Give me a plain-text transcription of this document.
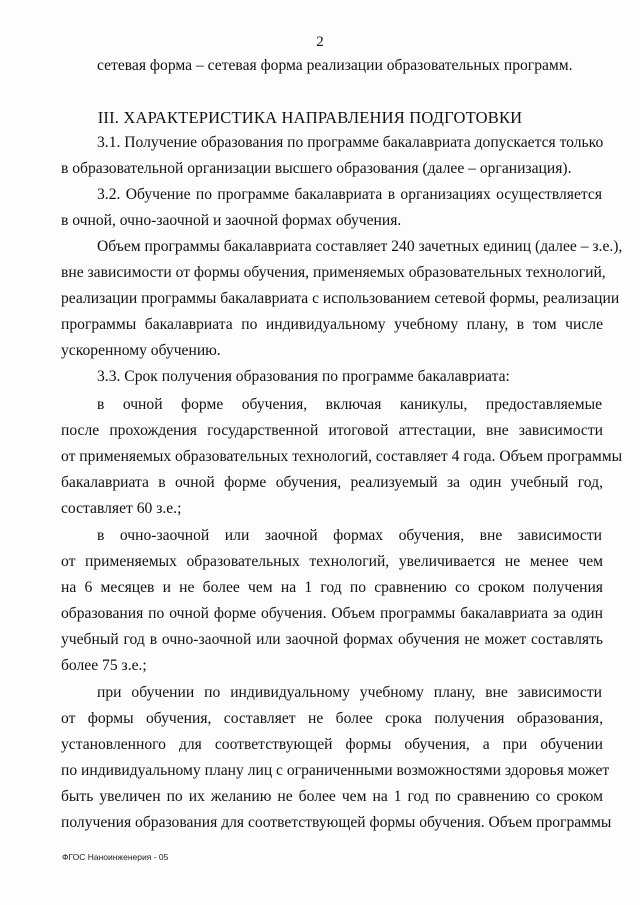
2

сетевая форма – сетевая форма реализации образовательных программ.

III. ХАРАКТЕРИСТИКА НАПРАВЛЕНИЯ ПОДГОТОВКИ

3.1. Получение образования по программе бакалавриата допускается только

в образовательной организации высшего образования (далее – организация).

3.2. Обучение по программе бакалавриата в организациях осуществляется

в очной, очно-заочной и заочной формах обучения.

Объем программы бакалавриата составляет 240 зачетных единиц (далее – з.е.),

вне зависимости от формы обучения, применяемых образовательных технологий,

реализации программы бакалавриата с использованием сетевой формы, реализации

программы бакалавриата по индивидуальному учебному плану, в том числе

ускоренному обучению.

3.3. Срок получения образования по программе бакалавриата:

в очной форме обучения, включая каникулы, предоставляемые

после прохождения государственной итоговой аттестации, вне зависимости

от применяемых образовательных технологий, составляет 4 года. Объем программы

бакалавриата в очной форме обучения, реализуемый за один учебный год,

составляет 60 з.е.;

в очно-заочной или заочной формах обучения, вне зависимости

от применяемых образовательных технологий, увеличивается не менее чем

на 6 месяцев и не более чем на 1 год по сравнению со сроком получения

образования по очной форме обучения. Объем программы бакалавриата за один

учебный год в очно-заочной или заочной формах обучения не может составлять

более 75 з.е.;

при обучении по индивидуальному учебному плану, вне зависимости

от формы обучения, составляет не более срока получения образования,

установленного для соответствующей формы обучения, а при обучении

по индивидуальному плану лиц с ограниченными возможностями здоровья может

быть увеличен по их желанию не более чем на 1 год по сравнению со сроком

получения образования для соответствующей формы обучения. Объем программы

ФГОС Наноинженерия - 05
